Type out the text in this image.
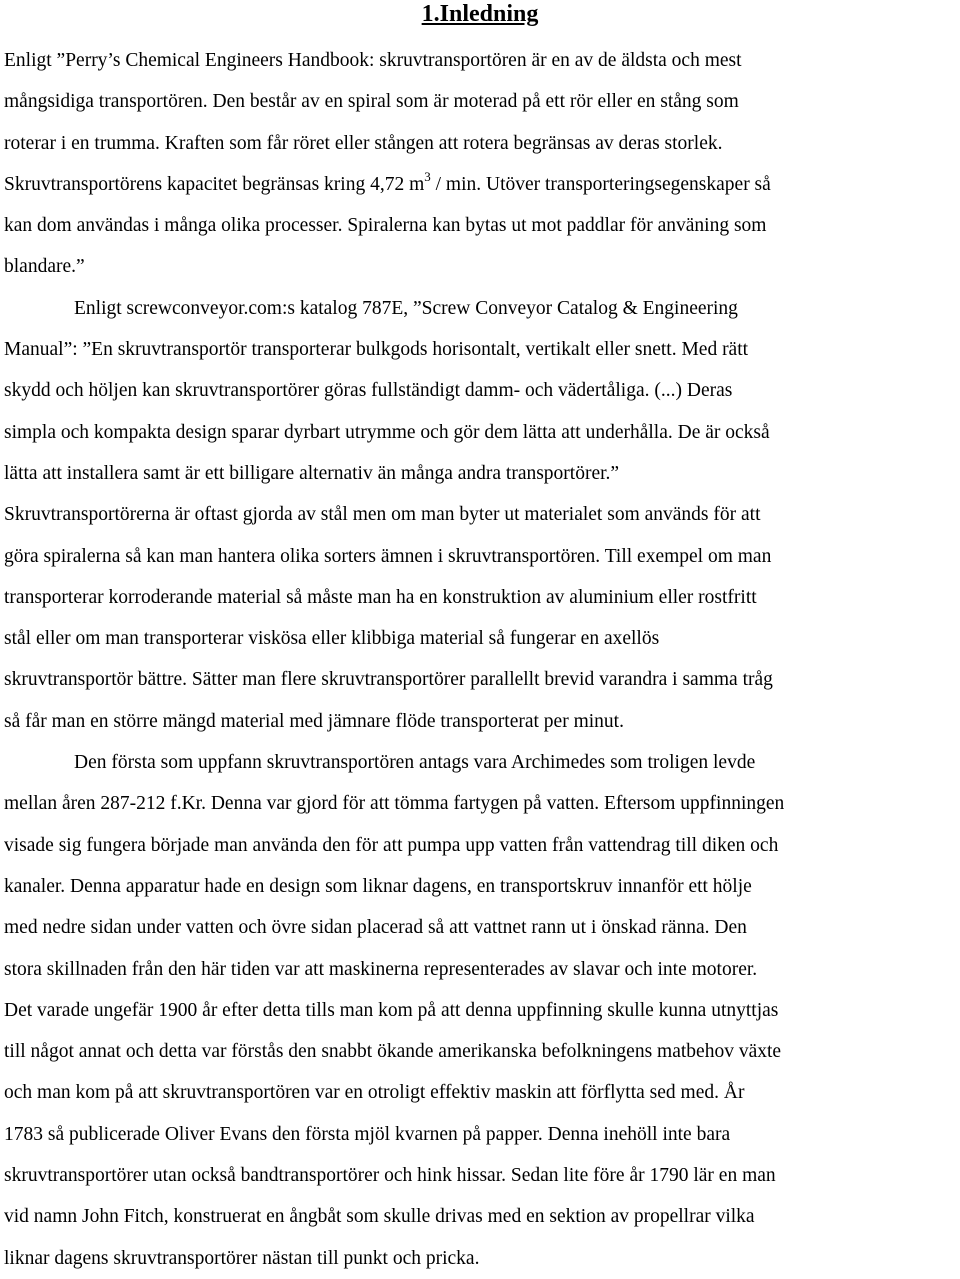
1.Inledning
Enligt ”Perry’s Chemical Engineers Handbook: skruvtransportören är en av de äldsta och mest
mångsidiga transportören. Den består av en spiral som är moterad på ett rör eller en stång som
roterar i en trumma. Kraften som får röret eller stången att rotera begränsas av deras storlek.
Skruvtransportörens kapacitet begränsas kring 4,72 $m^3$ / min. Utöver transporteringsegenskaper så
kan dom användas i många olika processer. Spiralerna kan bytas ut mot paddlar för använing som
blandare.”
Enligt screwconveyor.com:s katalog 787E, ”Screw Conveyor Catalog & Engineering
Manual”: ”En skruvtransportör transporterar bulkgods horisontalt, vertikalt eller snett. Med rätt
skydd och höljen kan skruvtransportörer göras fullständigt damm- och vädertåliga. (...) Deras
simpla och kompakta design sparar dyrbart utrymme och gör dem lätta att underhålla. De är också
lätta att installera samt är ett billigare alternativ än många andra transportörer.”
Skruvtransportörerna är oftast gjorda av stål men om man byter ut materialet som används för att
göra spiralerna så kan man hantera olika sorters ämnen i skruvtransportören. Till exempel om man
transporterar korroderande material så måste man ha en konstruktion av aluminium eller rostfritt
stål eller om man transporterar viskösa eller klibbiga material så fungerar en axellös
skruvtransportör bättre. Sätter man flere skruvtransportörer parallellt brevid varandra i samma tråg
så får man en större mängd material med jämnare flöde transporterat per minut.
Den första som uppfann skruvtransportören antags vara Archimedes som troligen levde
mellan åren 287-212 f.Kr. Denna var gjord för att tömma fartygen på vatten. Eftersom uppfinningen
visade sig fungera började man använda den för att pumpa upp vatten från vattendrag till diken och
kanaler. Denna apparatur hade en design som liknar dagens, en transportskruv innanför ett hölje
med nedre sidan under vatten och övre sidan placerad så att vattnet rann ut i önskad ränna. Den
stora skillnaden från den här tiden var att maskinerna representerades av slavar och inte motorer.
Det varade ungefär 1900 år efter detta tills man kom på att denna uppfinning skulle kunna utnyttjas
till något annat och detta var förstås den snabbt ökande amerikanska befolkningens matbehov växte
och man kom på att skruvtransportören var en otroligt effektiv maskin att förflytta sed med. År
1783 så publicerade Oliver Evans den första mjöl kvarnen på papper. Denna inehöll inte bara
skruvtransportörer utan också bandtransportörer och hink hissar. Sedan lite före år 1790 lär en man
vid namn John Fitch, konstruerat en ångbåt som skulle drivas med en sektion av propellrar vilka
liknar dagens skruvtransportörer nästan till punkt och pricka.
